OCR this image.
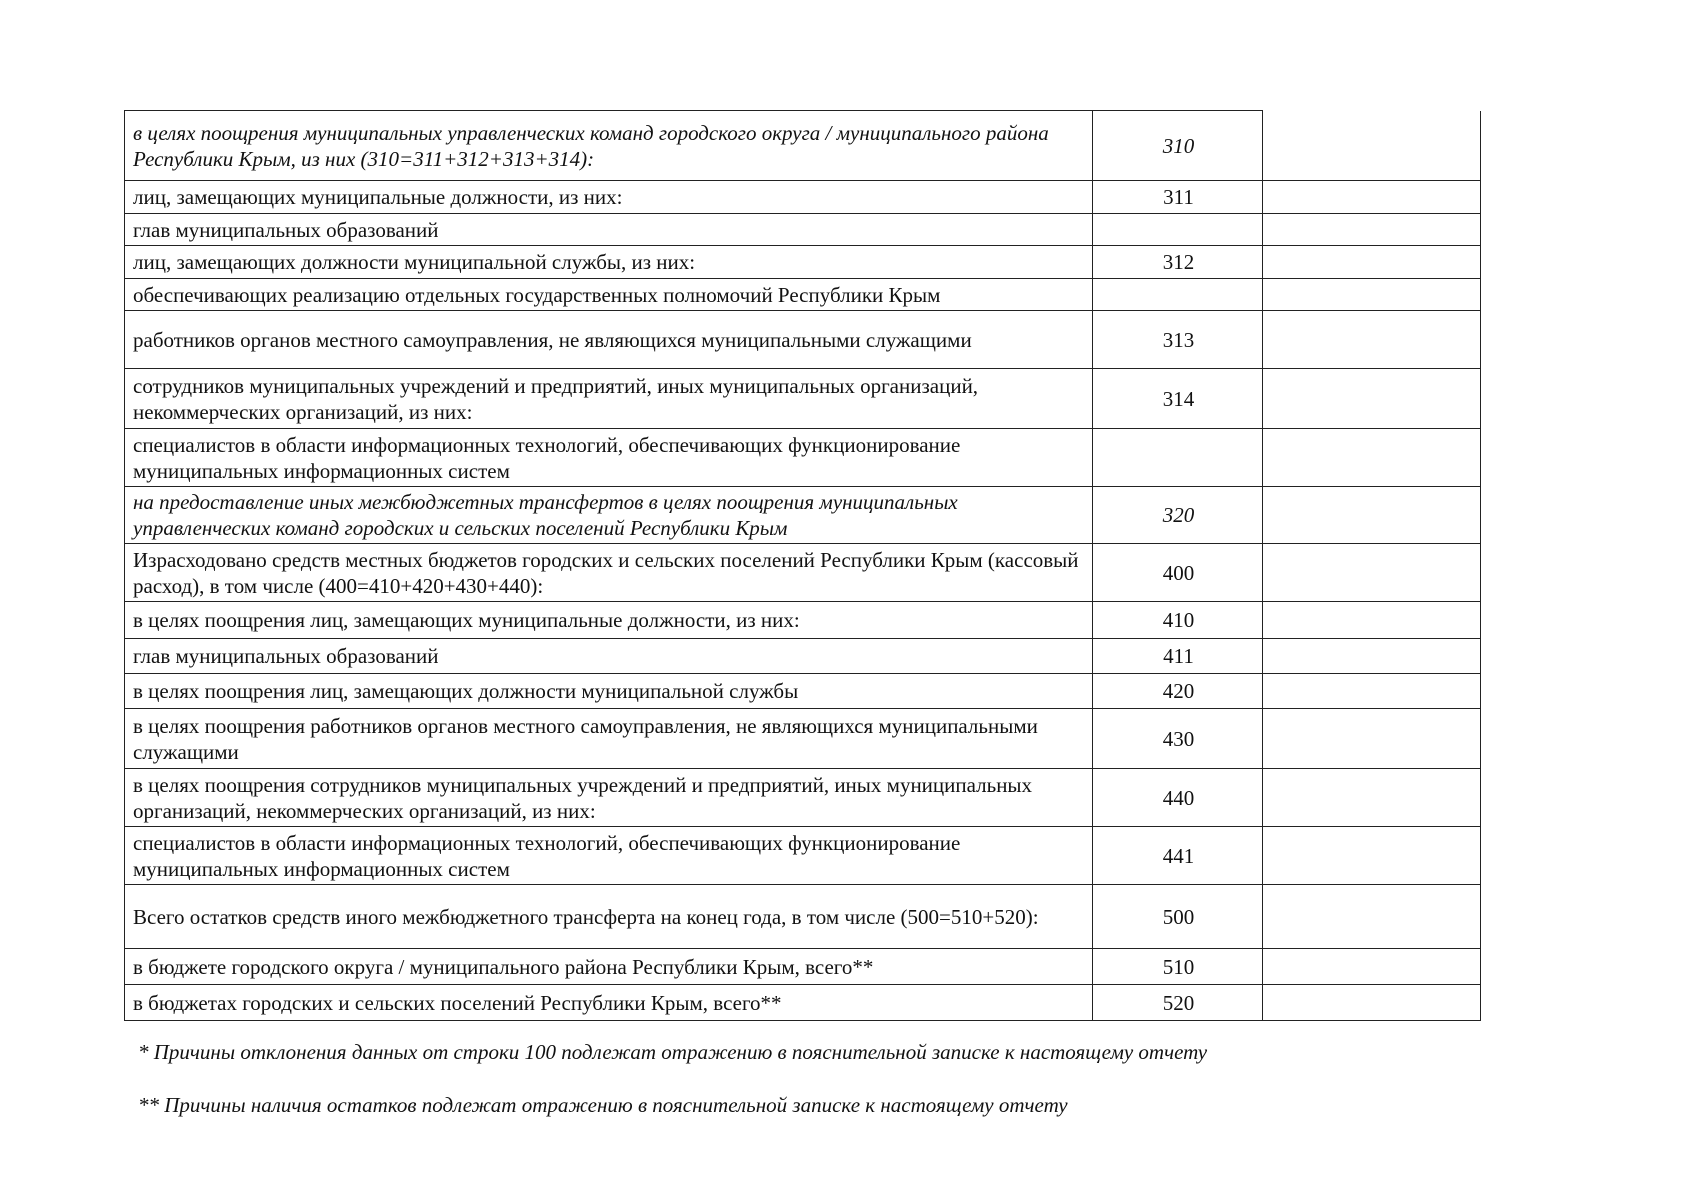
в целях поощрения муниципальных управленческих команд городского округа / муниципального района Республики Крым, из них (310=311+312+313+314):	310	
лиц, замещающих муниципальные должности, из них:	311	
глав муниципальных образований		
лиц, замещающих должности муниципальной службы, из них:	312	
обеспечивающих реализацию отдельных государственных полномочий Республики Крым		
работников органов местного самоуправления, не являющихся муниципальными служащими	313	
сотрудников муниципальных учреждений и предприятий, иных муниципальных организаций, некоммерческих организаций, из них:	314	
специалистов в области информационных технологий, обеспечивающих функционирование муниципальных информационных систем		
на предоставление иных межбюджетных трансфертов в целях поощрения муниципальных управленческих команд городских и сельских поселений Республики Крым	320	
Израсходовано средств местных бюджетов городских и сельских поселений Республики Крым (кассовый расход), в том числе (400=410+420+430+440):	400	
в целях поощрения лиц, замещающих муниципальные должности, из них:	410	
глав муниципальных образований	411	
в целях поощрения лиц, замещающих должности муниципальной службы	420	
в целях поощрения работников органов местного самоуправления, не являющихся муниципальными служащими	430	
в целях поощрения сотрудников муниципальных учреждений и предприятий, иных муниципальных организаций, некоммерческих организаций, из них:	440	
специалистов в области информационных технологий, обеспечивающих функционирование муниципальных информационных систем	441	
Всего остатков средств иного межбюджетного трансферта на конец года, в том числе (500=510+520):	500	
в бюджете городского округа / муниципального района Республики Крым, всего**	510	
в бюджетах городских и сельских поселений Республики Крым, всего**	520	
* Причины отклонения данных от строки 100 подлежат отражению в пояснительной записке к настоящему отчету
** Причины наличия остатков подлежат отражению в пояснительной записке к настоящему отчету
